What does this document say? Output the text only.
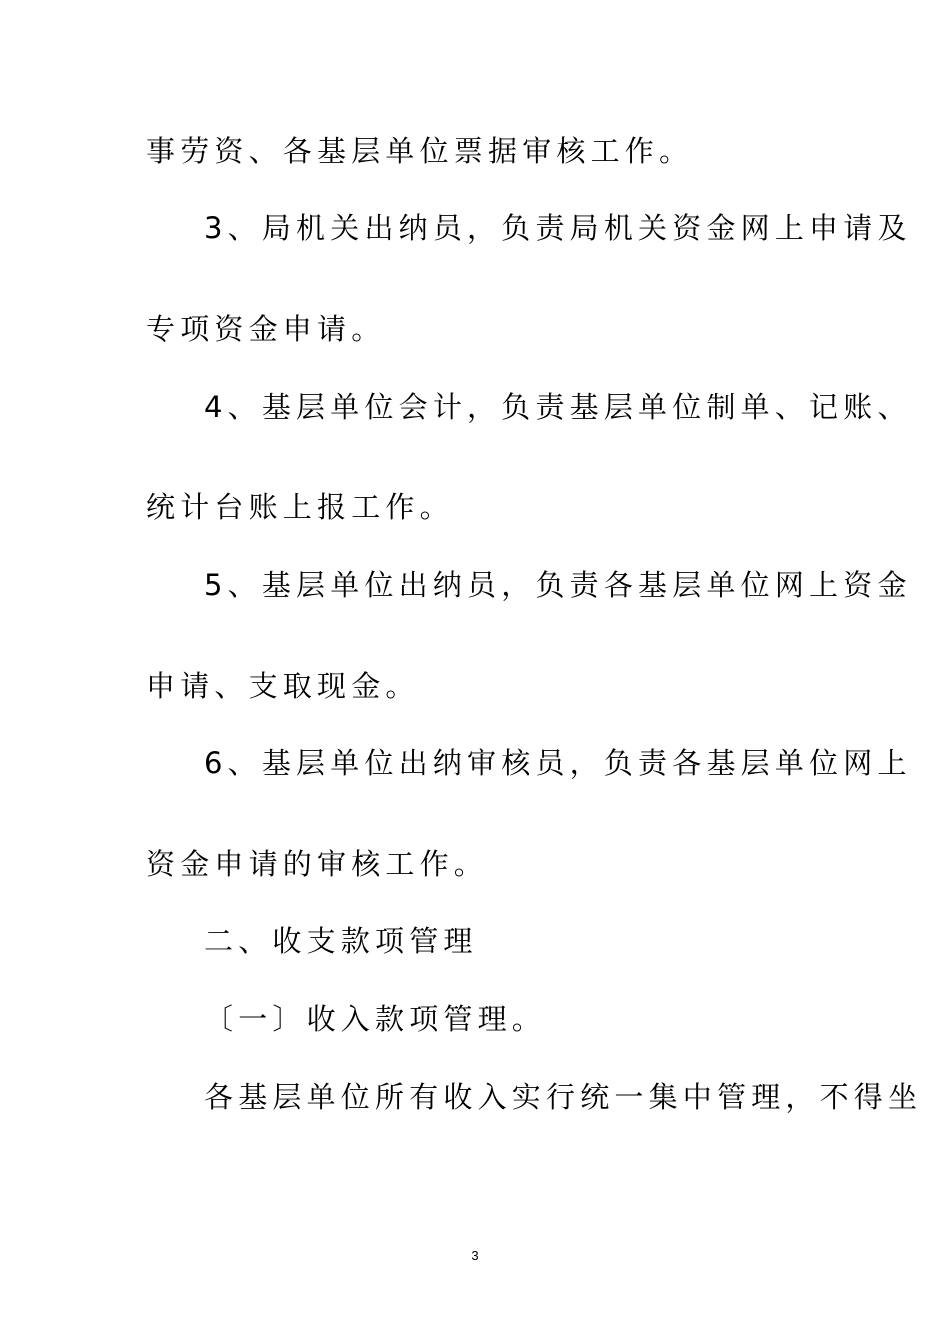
事劳资、各基层单位票据审核工作。
3、局机关出纳员，负责局机关资金网上申请及
专项资金申请。
4、基层单位会计，负责基层单位制单、记账、
统计台账上报工作。
5、基层单位出纳员，负责各基层单位网上资金
申请、支取现金。
6、基层单位出纳审核员，负责各基层单位网上
资金申请的审核工作。
二、收支款项管理
〔一〕收入款项管理。
各基层单位所有收入实行统一集中管理，不得坐
3
